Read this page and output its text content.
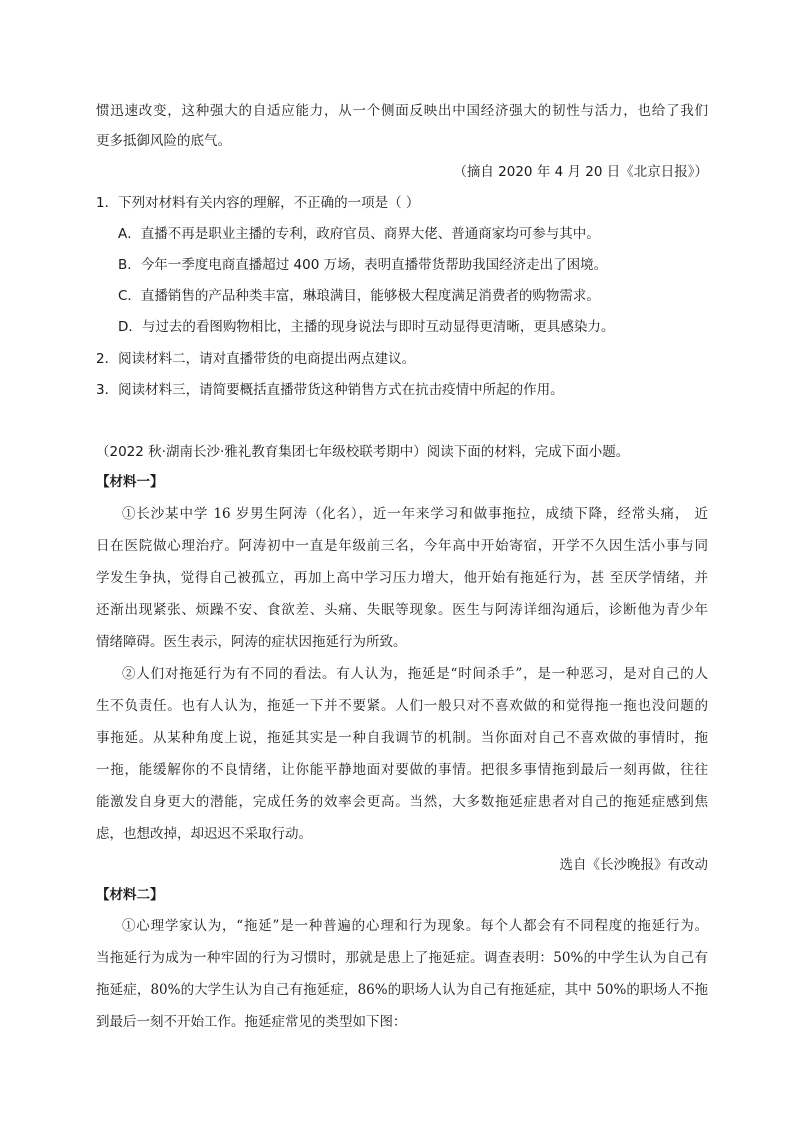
惯迅速改变，这种强大的自适应能力，从一个侧面反映出中国经济强大的韧性与活力，也给了我们
更多抵御风险的底气。
（摘自 2020 年 4 月 20 日《北京日报》）
1．下列对材料有关内容的理解，不正确的一项是（ ）
A．直播不再是职业主播的专利，政府官员、商界大佬、普通商家均可参与其中。
B．今年一季度电商直播超过 400 万场，表明直播带货帮助我国经济走出了困境。
C．直播销售的产品种类丰富，琳琅满目，能够极大程度满足消费者的购物需求。
D．与过去的看图购物相比，主播的现身说法与即时互动显得更清晰，更具感染力。
2．阅读材料二，请对直播带货的电商提出两点建议。
3．阅读材料三，请简要概括直播带货这种销售方式在抗击疫情中所起的作用。
（2022 秋·湖南长沙·雅礼教育集团七年级校联考期中）阅读下面的材料，完成下面小题。
【材料一】
①长沙某中学 16 岁男生阿涛（化名），近一年来学习和做事拖拉，成绩下降，经常头痛， 近
日在医院做心理治疗。阿涛初中一直是年级前三名，今年高中开始寄宿，开学不久因生活小事与同
学发生争执，觉得自己被孤立，再加上高中学习压力增大，他开始有拖延行为，甚 至厌学情绪，并
还渐出现紧张、烦躁不安、食欲差、头痛、失眠等现象。医生与阿涛详细沟通后，诊断他为青少年
情绪障碍。医生表示，阿涛的症状因拖延行为所致。
②人们对拖延行为有不同的看法。有人认为，拖延是“时间杀手”，是一种恶习，是对自己的人
生不负责任。也有人认为，拖延一下并不要紧。人们一般只对不喜欢做的和觉得拖一拖也没问题的
事拖延。从某种角度上说，拖延其实是一种自我调节的机制。当你面对自己不喜欢做的事情时，拖
一拖，能缓解你的不良情绪，让你能平静地面对要做的事情。把很多事情拖到最后一刻再做，往往
能激发自身更大的潜能，完成任务的效率会更高。当然，大多数拖延症患者对自己的拖延症感到焦
虑，也想改掉，却迟迟不采取行动。
选自《长沙晚报》有改动
【材料二】
①心理学家认为，“拖延”是一种普遍的心理和行为现象。每个人都会有不同程度的拖延行为。
当拖延行为成为一种牢固的行为习惯时，那就是患上了拖延症。调查表明：50%的中学生认为自己有
拖延症，80%的大学生认为自己有拖延症，86%的职场人认为自己有拖延症，其中 50%的职场人不拖
到最后一刻不开始工作。拖延症常见的类型如下图：
